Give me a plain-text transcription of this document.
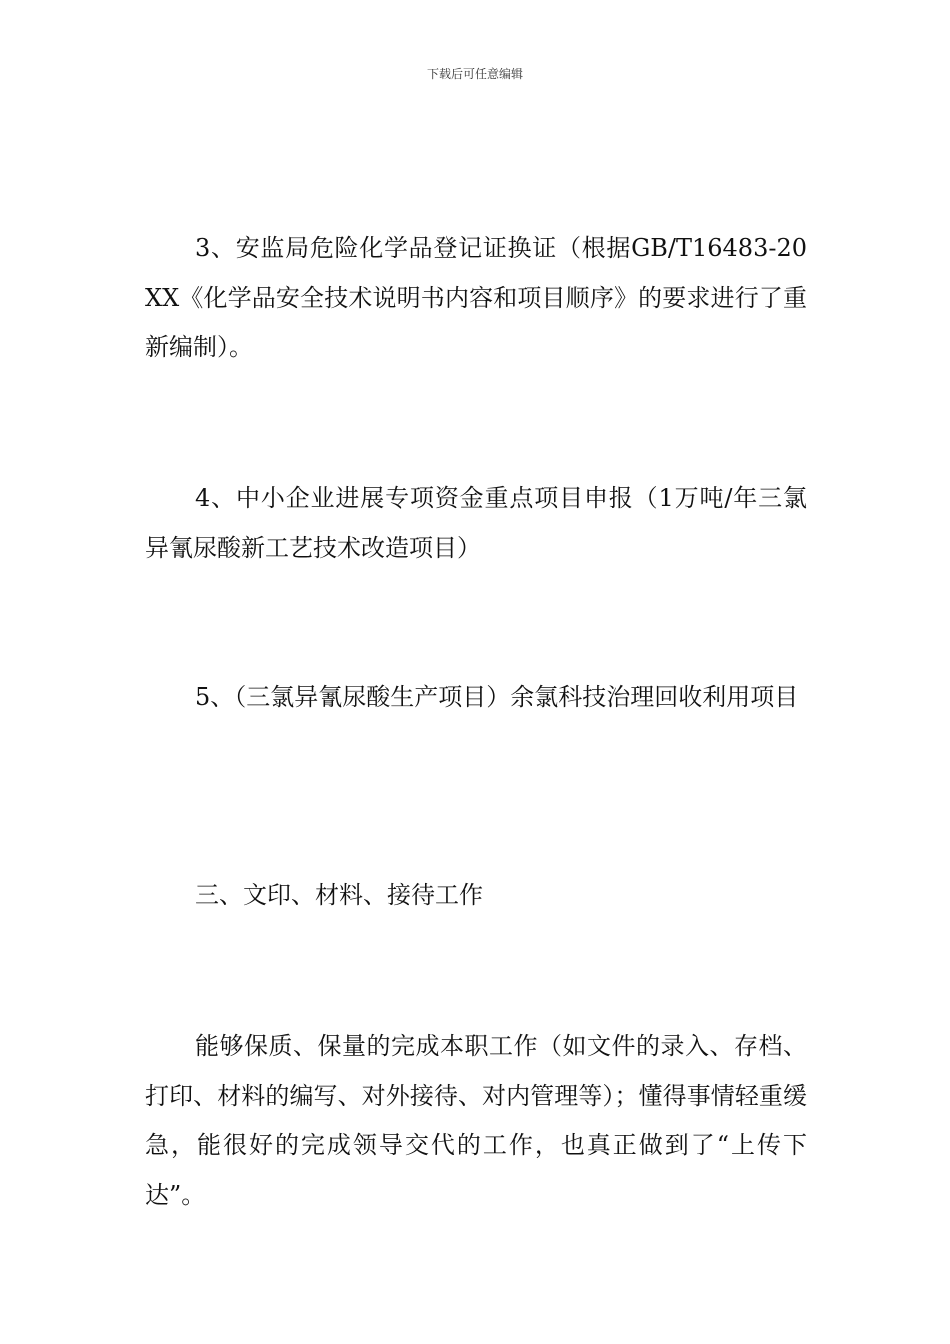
下载后可任意编辑

3、安监局危险化学品登记证换证（根据GB/T16483-20XX《化学品安全技术说明书内容和项目顺序》的要求进行了重新编制）。

4、中小企业进展专项资金重点项目申报（1万吨/年三氯异氰尿酸新工艺技术改造项目）

5、（三氯异氰尿酸生产项目）余氯科技治理回收利用项目

三、文印、材料、接待工作

能够保质、保量的完成本职工作（如文件的录入、存档、打印、材料的编写、对外接待、对内管理等）；懂得事情轻重缓急，能很好的完成领导交代的工作，也真正做到了“上传下达”。
